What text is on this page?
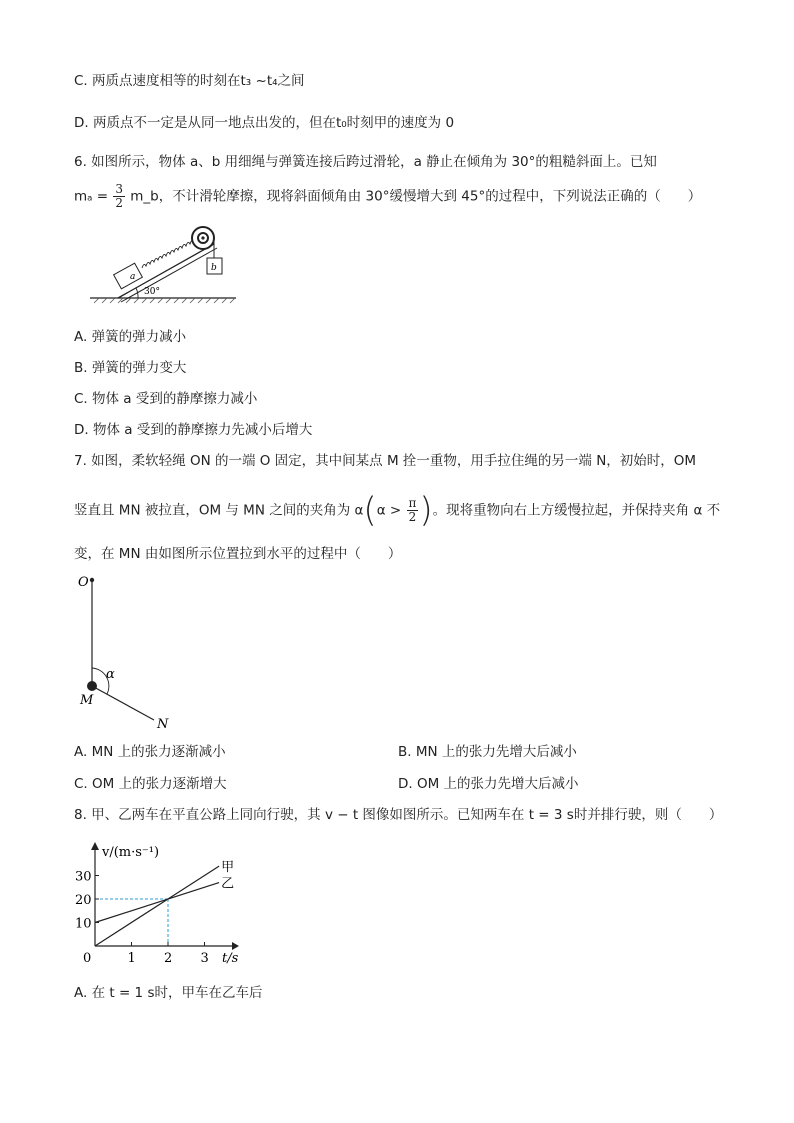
C. 两质点速度相等的时刻在t₃ ~t₄之间
D. 两质点不一定是从同一地点出发的，但在t₀时刻甲的速度为 0
6. 如图所示，物体 a、b 用细绳与弹簧连接后跨过滑轮，a 静止在倾角为 30°的粗糙斜面上。已知
$m_a = \frac{3}{2}$ m_b，不计滑轮摩擦，现将斜面倾角由 30°缓慢增大到 45°的过程中，下列说法正确的（　　）
30°
a
b
A. 弹簧的弹力减小
B. 弹簧的弹力变大
C. 物体 a 受到的静摩擦力减小
D. 物体 a 受到的静摩擦力先减小后增大
7. 如图，柔软轻绳 ON 的一端 O 固定，其中间某点 M 拴一重物，用手拉住绳的另一端 N，初始时，OM
竖直且 MN 被拉直，OM 与 MN 之间的夹角为 $\alpha(\alpha > \frac{\pi}{2}$ )。现将重物向右上方缓慢拉起，并保持夹角 α 不
变，在 MN 由如图所示位置拉到水平的过程中（　　）
O
α
M
N
A. MN 上的张力逐渐减小	B. MN 上的张力先增大后减小
C. OM 上的张力逐渐增大	D. OM 上的张力先增大后减小
8. 甲、乙两车在平直公路上同向行驶，其 v − t 图像如图所示。已知两车在 t = 3 s时并排行驶，则（　　）
甲
乙
0	1 2 3
10
20
30
v/(m·s⁻¹)
t/s
A. 在 t = 1 s时，甲车在乙车后
